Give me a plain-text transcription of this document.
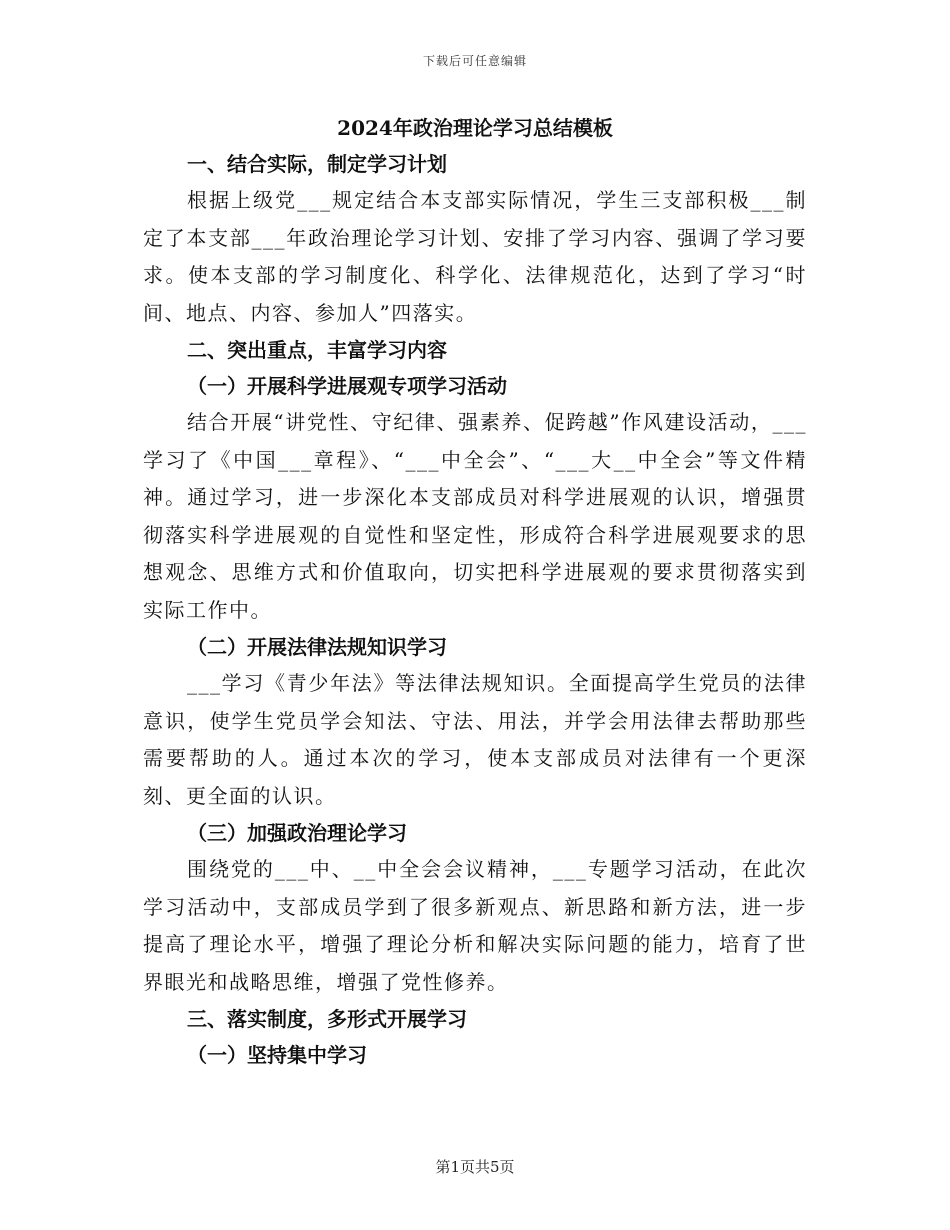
下载后可任意编辑
2024年政治理论学习总结模板
一、结合实际，制定学习计划

根据上级党___规定结合本支部实际情况，学生三支部积极___制定了本支部___年政治理论学习计划、安排了学习内容、强调了学习要求。使本支部的学习制度化、科学化、法律规范化，达到了学习“时间、地点、内容、参加人”四落实。

二、突出重点，丰富学习内容
（一）开展科学进展观专项学习活动

结合开展“讲党性、守纪律、强素养、促跨越”作风建设活动，___学习了《中国___章程》、“___中全会”、“___大__中全会”等文件精神。通过学习，进一步深化本支部成员对科学进展观的认识，增强贯彻落实科学进展观的自觉性和坚定性，形成符合科学进展观要求的思想观念、思维方式和价值取向，切实把科学进展观的要求贯彻落实到实际工作中。

（二）开展法律法规知识学习

___学习《青少年法》等法律法规知识。全面提高学生党员的法律意识，使学生党员学会知法、守法、用法，并学会用法律去帮助那些需要帮助的人。通过本次的学习，使本支部成员对法律有一个更深刻、更全面的认识。

（三）加强政治理论学习

围绕党的___中、__中全会会议精神，___专题学习活动，在此次学习活动中，支部成员学到了很多新观点、新思路和新方法，进一步提高了理论水平，增强了理论分析和解决实际问题的能力，培育了世界眼光和战略思维，增强了党性修养。

三、落实制度，多形式开展学习
（一）坚持集中学习
第1页共5页
